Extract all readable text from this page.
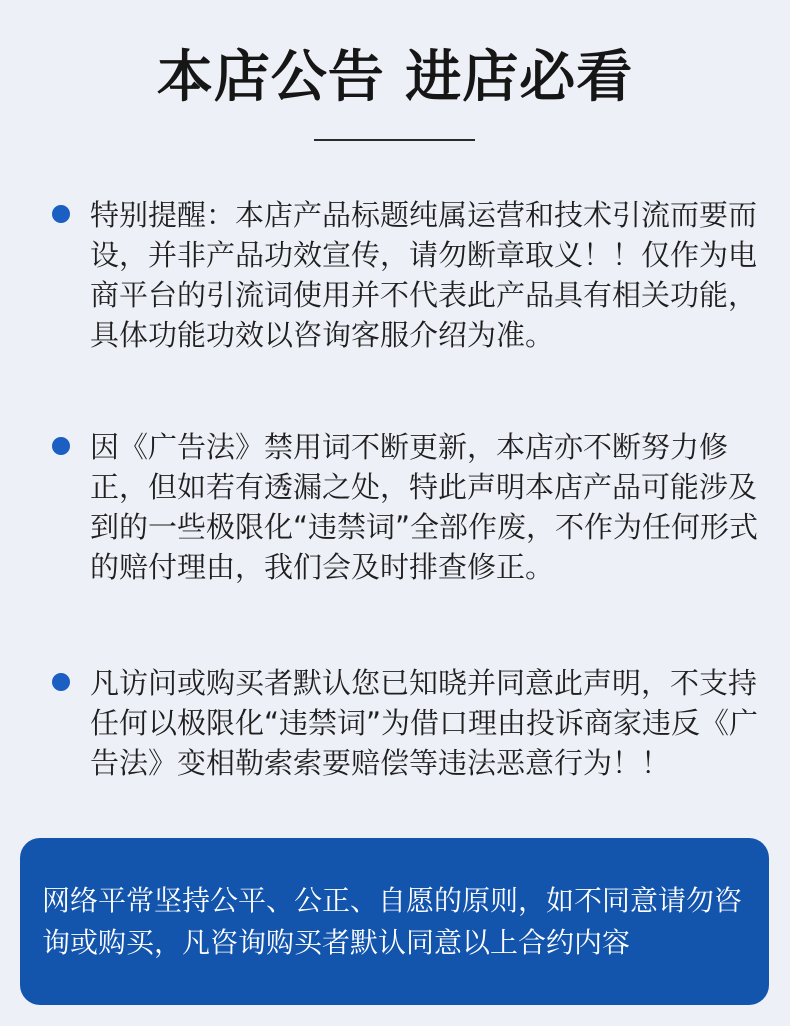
本店公告 进店必看

特别提醒：本店产品标题纯属运营和技术引流而要而设，并非产品功效宣传，请勿断章取义！！仅作为电商平台的引流词使用并不代表此产品具有相关功能，具体功能功效以咨询客服介绍为准。

因《广告法》禁用词不断更新，本店亦不断努力修正，但如若有透漏之处，特此声明本店产品可能涉及到的一些极限化“违禁词”全部作废，不作为任何形式的赔付理由，我们会及时排查修正。

凡访问或购买者默认您已知晓并同意此声明，不支持任何以极限化“违禁词”为借口理由投诉商家违反《广告法》变相勒索索要赔偿等违法恶意行为！！

网络平常坚持公平、公正、自愿的原则，如不同意请勿咨询或购买，凡咨询购买者默认同意以上合约内容
